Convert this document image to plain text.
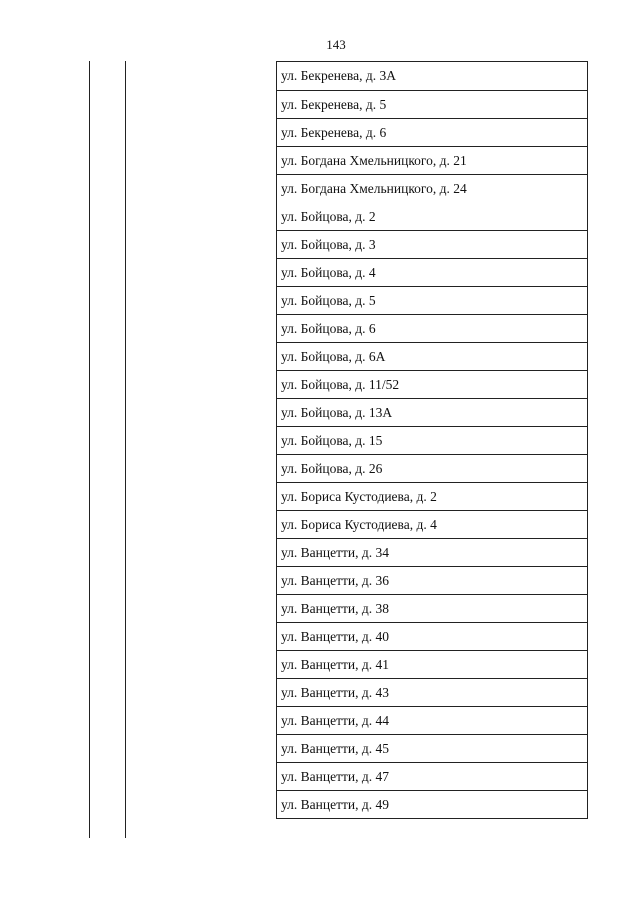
143
ул. Бекренева, д. 3А
ул. Бекренева, д. 5
ул. Бекренева, д. 6
ул. Богдана Хмельницкого, д. 21
ул. Богдана Хмельницкого, д. 24
ул. Бойцова, д. 2
ул. Бойцова, д. 3
ул. Бойцова, д. 4
ул. Бойцова, д. 5
ул. Бойцова, д. 6
ул. Бойцова, д. 6А
ул. Бойцова, д. 11/52
ул. Бойцова, д. 13А
ул. Бойцова, д. 15
ул. Бойцова, д. 26
ул. Бориса Кустодиева, д. 2
ул. Бориса Кустодиева, д. 4
ул. Ванцетти, д. 34
ул. Ванцетти, д. 36
ул. Ванцетти, д. 38
ул. Ванцетти, д. 40
ул. Ванцетти, д. 41
ул. Ванцетти, д. 43
ул. Ванцетти, д. 44
ул. Ванцетти, д. 45
ул. Ванцетти, д. 47
ул. Ванцетти, д. 49
